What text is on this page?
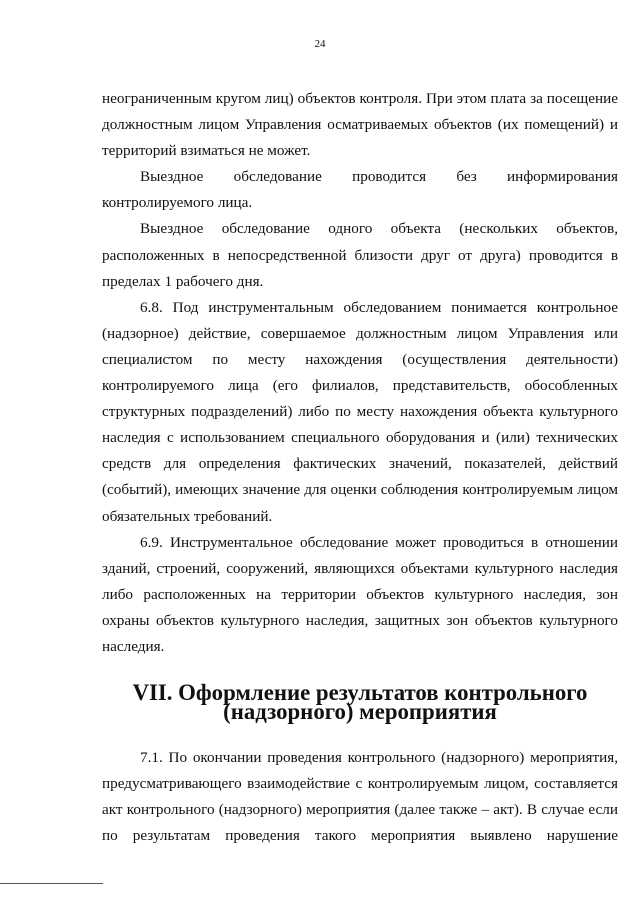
24

неограниченным кругом лиц) объектов контроля. При этом плата за посещение должностным лицом Управления осматриваемых объектов (их помещений) и территорий взиматься не может.

Выездное обследование проводится без информирования контролируемого лица.

Выездное обследование одного объекта (нескольких объектов, расположенных в непосредственной близости друг от друга) проводится в пределах 1 рабочего дня.

6.8. Под инструментальным обследованием понимается контрольное (надзорное) действие, совершаемое должностным лицом Управления или специалистом по месту нахождения (осуществления деятельности) контролируемого лица (его филиалов, представительств, обособленных структурных подразделений) либо по месту нахождения объекта культурного наследия с использованием специального оборудования и (или) технических средств для определения фактических значений, показателей, действий (событий), имеющих значение для оценки соблюдения контролируемым лицом обязательных требований.

6.9. Инструментальное обследование может проводиться в отношении зданий, строений, сооружений, являющихся объектами культурного наследия либо расположенных на территории объектов культурного наследия, зон охраны объектов культурного наследия, защитных зон объектов культурного наследия.

VII. Оформление результатов контрольного
(надзорного) мероприятия

7.1. По окончании проведения контрольного (надзорного) мероприятия, предусматривающего взаимодействие с контролируемым лицом, составляется акт контрольного (надзорного) мероприятия (далее также – акт). В случае если по результатам проведения такого мероприятия выявлено нарушение
